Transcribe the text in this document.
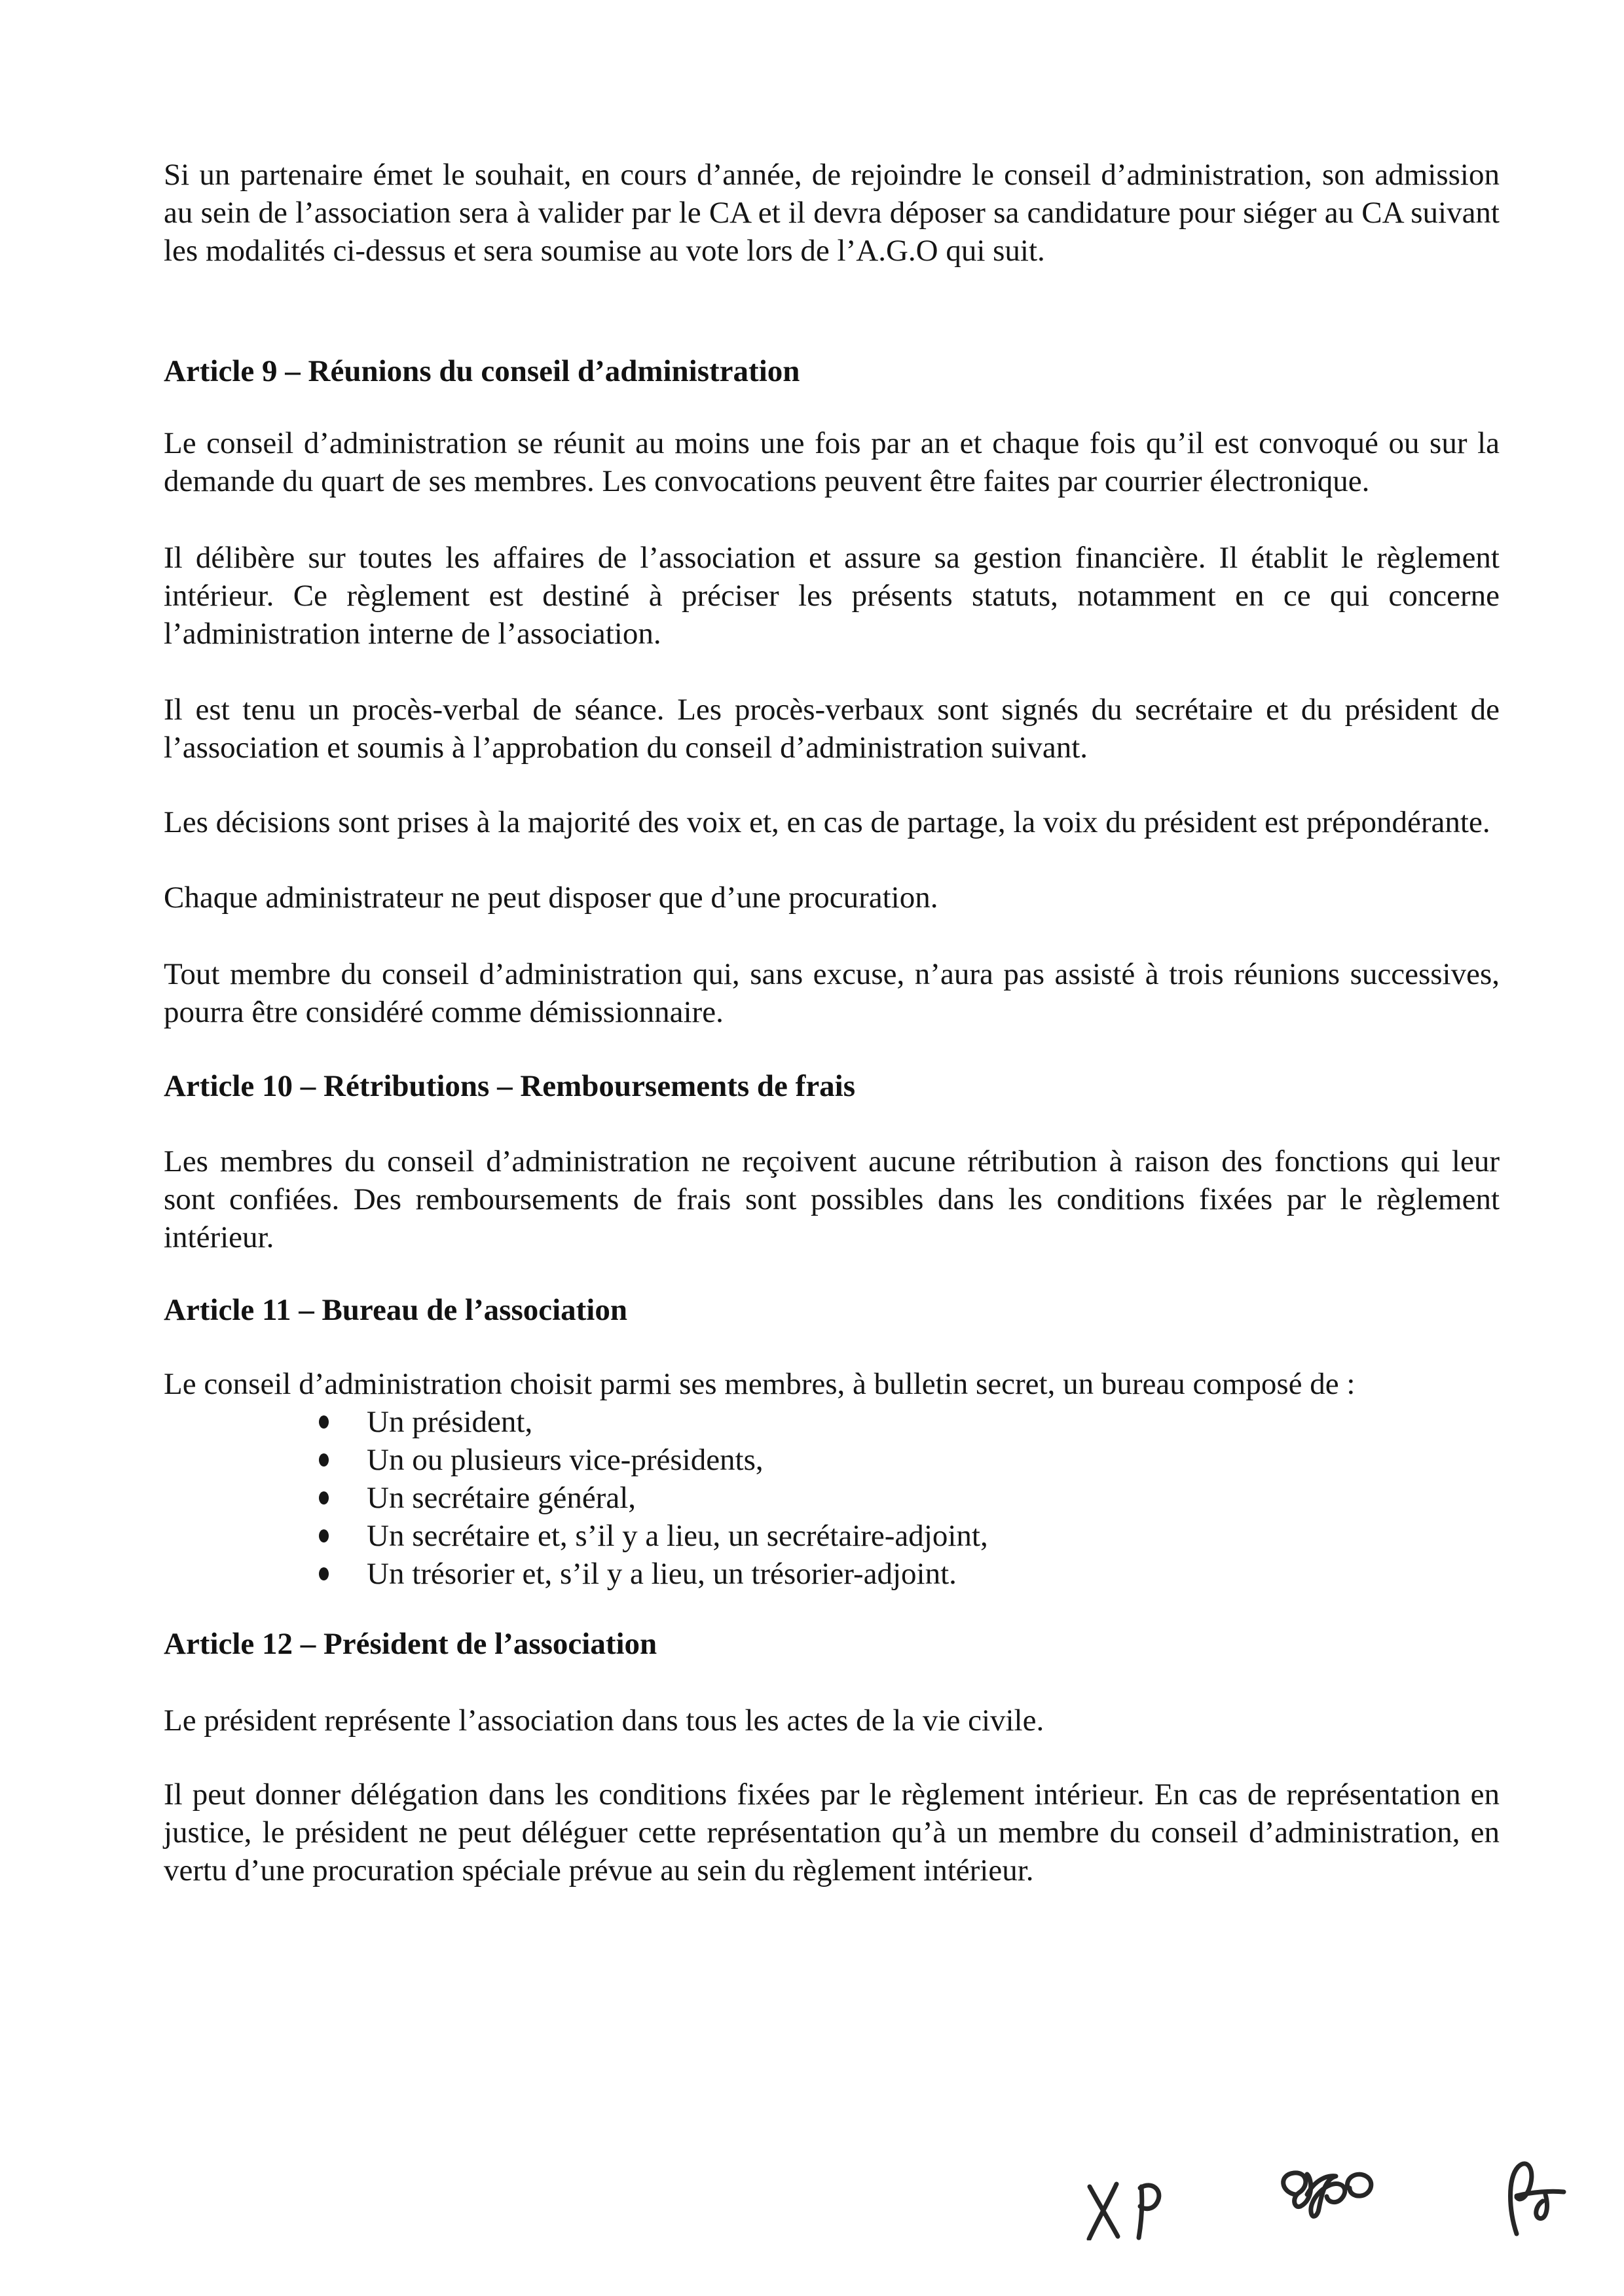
Si un partenaire émet le souhait, en cours d’année, de rejoindre le conseil d’administration, son admission au sein de l’association sera à valider par le CA et il devra déposer sa candidature pour siéger au CA suivant les modalités ci-dessus et sera soumise au vote lors de l’A.G.O qui suit.

Article 9 – Réunions du conseil d’administration

Le conseil d’administration se réunit au moins une fois par an et chaque fois qu’il est convoqué ou sur la demande du quart de ses membres. Les convocations peuvent être faites par courrier électronique.

Il délibère sur toutes les affaires de l’association et assure sa gestion financière. Il établit le règlement intérieur. Ce règlement est destiné à préciser les présents statuts, notamment en ce qui concerne l’administration interne de l’association.

Il est tenu un procès-verbal de séance. Les procès-verbaux sont signés du secrétaire et du président de l’association et soumis à l’approbation du conseil d’administration suivant.

Les décisions sont prises à la majorité des voix et, en cas de partage, la voix du président est prépondérante.

Chaque administrateur ne peut disposer que d’une procuration.

Tout membre du conseil d’administration qui, sans excuse, n’aura pas assisté à trois réunions successives, pourra être considéré comme démissionnaire.

Article 10 – Rétributions – Remboursements de frais

Les membres du conseil d’administration ne reçoivent aucune rétribution à raison des fonctions qui leur sont confiées. Des remboursements de frais sont possibles dans les conditions fixées par le règlement intérieur.

Article 11 – Bureau de l’association

Le conseil d’administration choisit parmi ses membres, à bulletin secret, un bureau composé de :

Un président,
Un ou plusieurs vice-présidents,
Un secrétaire général,
Un secrétaire et, s’il y a lieu, un secrétaire-adjoint,
Un trésorier et, s’il y a lieu, un trésorier-adjoint.
Article 12 – Président de l’association

Le président représente l’association dans tous les actes de la vie civile.

Il peut donner délégation dans les conditions fixées par le règlement intérieur. En cas de représentation en justice, le président ne peut déléguer cette représentation qu’à un membre du conseil d’administration, en vertu d’une procuration spéciale prévue au sein du règlement intérieur.
